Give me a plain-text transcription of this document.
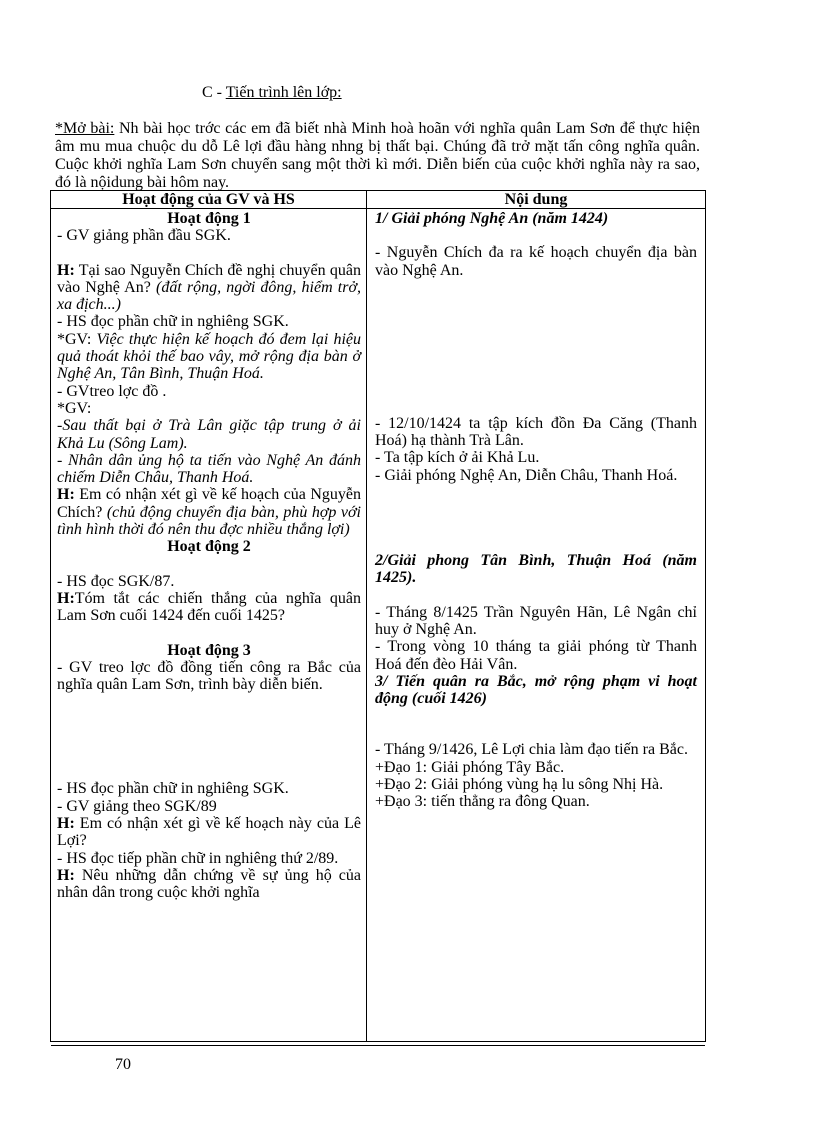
C - Tiến trình lên lớp:
*Mở bài: Nh bài học trớc các em đã biết nhà Minh hoà hoãn với nghĩa quân Lam Sơn để thực hiện âm mu mua chuộc du dỗ Lê lợi đầu hàng nhng bị thất bại. Chúng đã trở mặt tấn công nghĩa quân. Cuộc khởi nghĩa Lam Sơn chuyển sang một thời kì mới. Diễn biến của cuộc khởi nghĩa này ra sao, đó là nộidung bài hôm nay.
Hoạt động của GV và HS	Nội dung

Hoạt động 1

- GV giảng phần đầu SGK.

H: Tại sao Nguyễn Chích đề nghị chuyển quân vào Nghệ An? (đất rộng, ngời đông, hiểm trở, xa địch...)

- HS đọc phần chữ in nghiêng SGK.

*GV: Việc thực hiện kế hoạch đó đem lại hiệu quả thoát khỏi thế bao vây, mở rộng địa bàn ở Nghệ An, Tân Bình, Thuận Hoá.

- GVtreo lợc đồ .

*GV:

-Sau thất bại ở Trà Lân giặc tập trung ở ải Khả Lu (Sông Lam).

- Nhân dân ủng hộ ta tiến vào Nghệ An đánh chiếm Diễn Châu, Thanh Hoá.

H: Em có nhận xét gì về kế hoạch của Nguyễn Chích? (chủ động chuyển địa bàn, phù hợp với tình hình thời đó nên thu đợc nhiều thắng lợi)

Hoạt động 2

- HS đọc SGK/87.

H:Tóm tắt các chiến thắng của nghĩa quân Lam Sơn cuối 1424 đến cuối 1425?

Hoạt động 3

- GV treo lợc đồ đồng tiến công ra Bắc của nghĩa quân Lam Sơn, trình bày diễn biến.

- HS đọc phần chữ in nghiêng SGK.

- GV giảng theo SGK/89

H: Em có nhận xét gì về kế hoạch này của Lê Lợi?

- HS đọc tiếp phần chữ in nghiêng thứ 2/89.

H: Nêu những dẫn chứng về sự ủng hộ của nhân dân trong cuộc khởi nghĩa

1/ Giải phóng Nghệ An (năm 1424)

- Nguyễn Chích đa ra kế hoạch chuyển địa bàn vào Nghệ An.

- 12/10/1424 ta tập kích đồn Đa Căng (Thanh Hoá) hạ thành Trà Lân.

- Ta tập kích ở ải Khả Lu.

- Giải phóng Nghệ An, Diễn Châu, Thanh Hoá.

2/Giải phong Tân Bình, Thuận Hoá (năm 1425).

- Tháng 8/1425 Trần Nguyên Hãn, Lê Ngân chỉ huy ở Nghệ An.

- Trong vòng 10 tháng ta giải phóng từ Thanh Hoá đến đèo Hải Vân.

3/ Tiến quân ra Bắc, mở rộng phạm vi hoạt động (cuối 1426)

- Tháng 9/1426, Lê Lợi chia làm đạo tiến ra Bắc.

+Đạo 1: Giải phóng Tây Bắc.

+Đạo 2: Giải phóng vùng hạ lu sông Nhị Hà.

+Đạo 3: tiến thẳng ra đông Quan.

70
